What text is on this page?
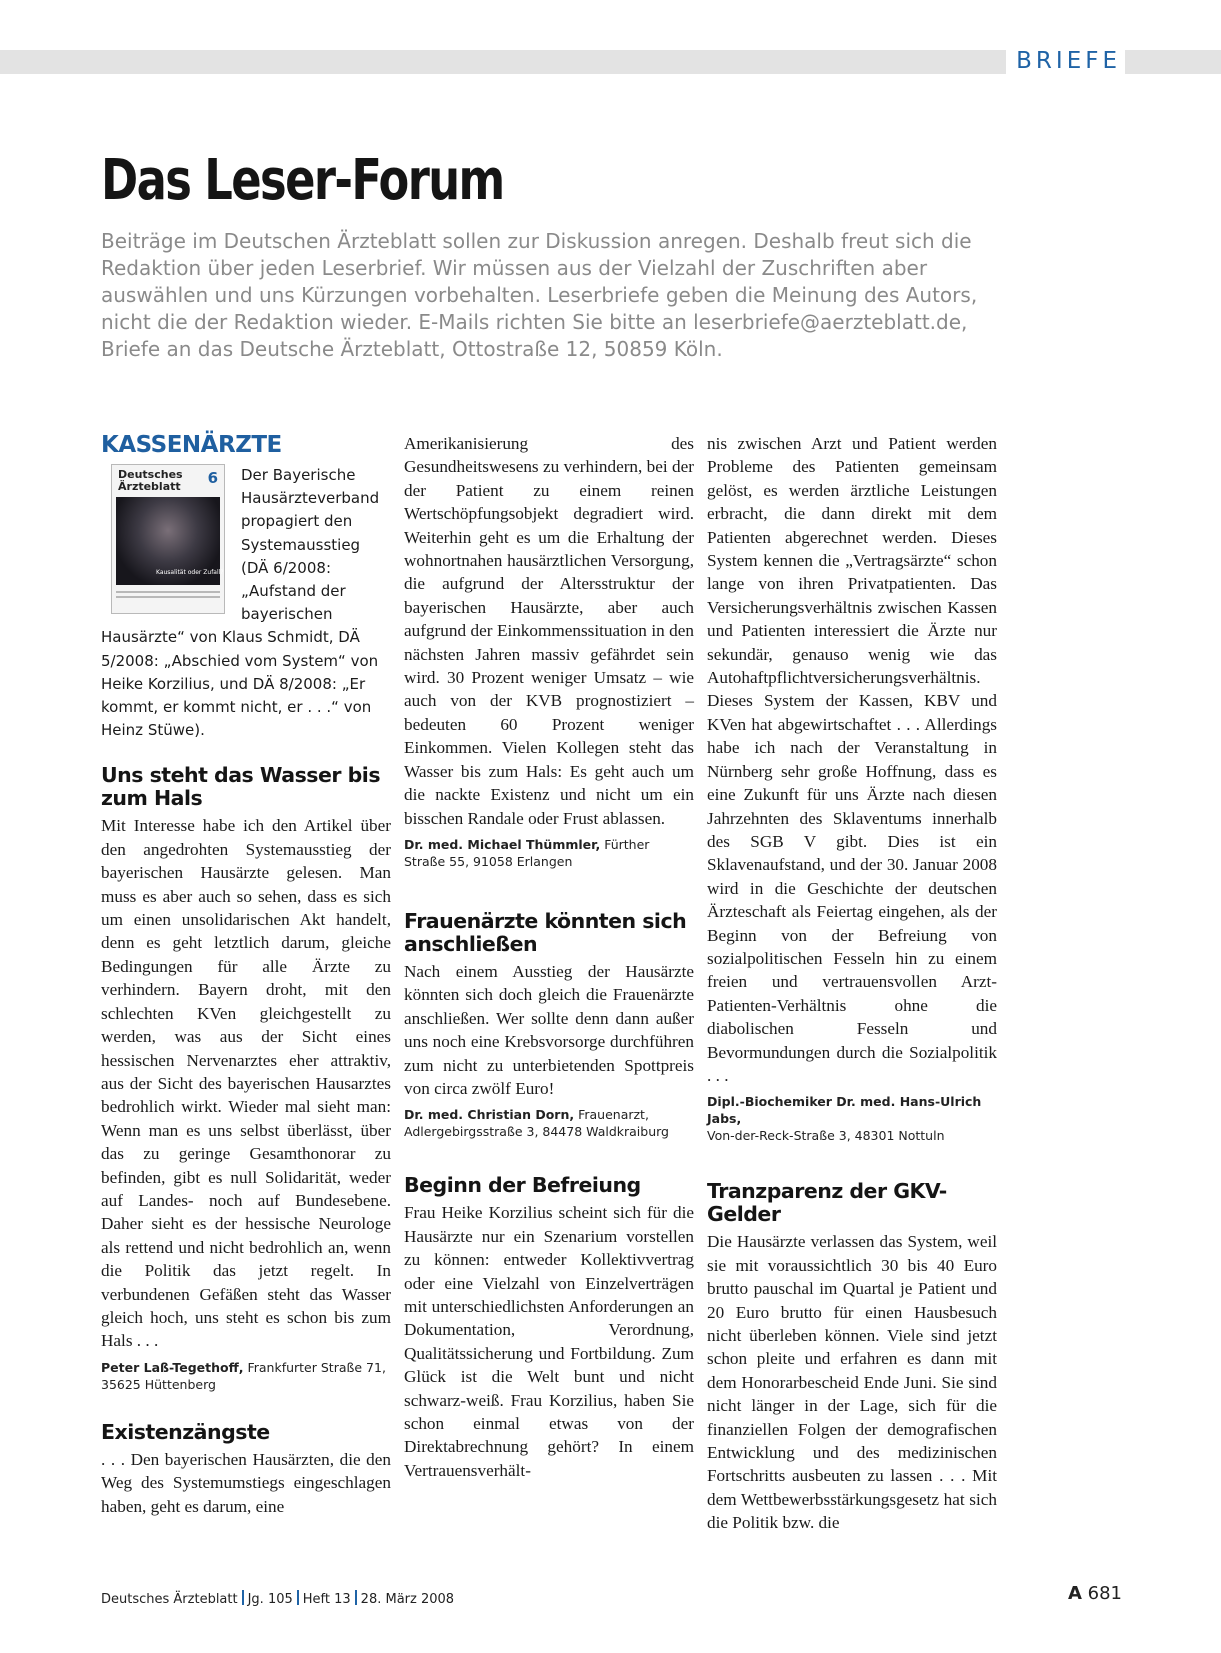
BRIEFE
Das Leser-Forum

Beiträge im Deutschen Ärzteblatt sollen zur Diskussion anregen. Deshalb freut sich die Redaktion über jeden Leserbrief. Wir müssen aus der Vielzahl der Zuschriften aber auswählen und uns Kürzungen vorbehalten. Leserbriefe geben die Meinung des Autors, nicht die der Redaktion wieder. E-Mails richten Sie bitte an leserbriefe@aerzteblatt.de, Briefe an das Deutsche Ärzteblatt, Ottostraße 12, 50859 Köln.

KASSENÄRZTE
Deutsches Ärzteblatt	6
Kausalität oder Zufall?

Der Bayerische Hausärzteverband propagiert den Systemausstieg (DÄ 6/2008: „Aufstand der bayerischen Hausärzte“ von Klaus Schmidt, DÄ 5/2008: „Abschied vom System“ von Heike Korzilius, und DÄ 8/2008: „Er kommt, er kommt nicht, er . . .“ von Heinz Stüwe).

Uns steht das Wasser bis zum Hals

Mit Interesse habe ich den Artikel über den angedrohten Systemausstieg der bayerischen Hausärzte gelesen. Man muss es aber auch so sehen, dass es sich um einen unsolidarischen Akt handelt, denn es geht letztlich darum, gleiche Bedingungen für alle Ärzte zu verhindern. Bayern droht, mit den schlechten KVen gleichgestellt zu werden, was aus der Sicht eines hessischen Nervenarztes eher attraktiv, aus der Sicht des bayerischen Hausarztes bedrohlich wirkt. Wieder mal sieht man: Wenn man es uns selbst überlässt, über das zu geringe Gesamthonorar zu befinden, gibt es null Solidarität, weder auf Landes- noch auf Bundesebene. Daher sieht es der hessische Neurologe als rettend und nicht bedrohlich an, wenn die Politik das jetzt regelt. In verbundenen Gefäßen steht das Wasser gleich hoch, uns steht es schon bis zum Hals . . .

Peter Laß-Tegethoff, Frankfurter Straße 71, 35625 Hüttenberg

Existenzängste

. . . Den bayerischen Hausärzten, die den Weg des Systemumstiegs eingeschlagen haben, geht es darum, eine

Amerikanisierung des Gesundheitswesens zu verhindern, bei der der Patient zu einem reinen Wertschöpfungsobjekt degradiert wird. Weiterhin geht es um die Erhaltung der wohnortnahen hausärztlichen Versorgung, die aufgrund der Altersstruktur der bayerischen Hausärzte, aber auch aufgrund der Einkommenssituation in den nächsten Jahren massiv gefährdet sein wird. 30 Prozent weniger Umsatz – wie auch von der KVB prognostiziert – bedeuten 60 Prozent weniger Einkommen. Vielen Kollegen steht das Wasser bis zum Hals: Es geht auch um die nackte Existenz und nicht um ein bisschen Randale oder Frust ablassen.

Dr. med. Michael Thümmler, Fürther Straße 55, 91058 Erlangen

Frauenärzte könnten sich anschließen

Nach einem Ausstieg der Hausärzte könnten sich doch gleich die Frauenärzte anschließen. Wer sollte denn dann außer uns noch eine Krebsvorsorge durchführen zum nicht zu unterbietenden Spottpreis von circa zwölf Euro!

Dr. med. Christian Dorn, Frauenarzt, Adlergebirgsstraße 3, 84478 Waldkraiburg

Beginn der Befreiung

Frau Heike Korzilius scheint sich für die Hausärzte nur ein Szenarium vorstellen zu können: entweder Kollektivvertrag oder eine Vielzahl von Einzelverträgen mit unterschiedlichsten Anforderungen an Dokumentation, Verordnung, Qualitätssicherung und Fortbildung. Zum Glück ist die Welt bunt und nicht schwarz-weiß. Frau Korzilius, haben Sie schon einmal etwas von der Direktabrechnung gehört? In einem Vertrauensverhält-

nis zwischen Arzt und Patient werden Probleme des Patienten gemeinsam gelöst, es werden ärztliche Leistungen erbracht, die dann direkt mit dem Patienten abgerechnet werden. Dieses System kennen die „Vertragsärzte“ schon lange von ihren Privatpatienten. Das Versicherungsverhältnis zwischen Kassen und Patienten interessiert die Ärzte nur sekundär, genauso wenig wie das Autohaftpflichtversicherungsverhältnis. Dieses System der Kassen, KBV und KVen hat abgewirtschaftet . . . Allerdings habe ich nach der Veranstaltung in Nürnberg sehr große Hoffnung, dass es eine Zukunft für uns Ärzte nach diesen Jahrzehnten des Sklaventums innerhalb des SGB V gibt. Dies ist ein Sklavenaufstand, und der 30. Januar 2008 wird in die Geschichte der deutschen Ärzteschaft als Feiertag eingehen, als der Beginn von der Befreiung von sozialpolitischen Fesseln hin zu einem freien und vertrauensvollen Arzt-Patienten-Verhältnis ohne die diabolischen Fesseln und Bevormundungen durch die Sozialpolitik . . .

Dipl.-Biochemiker Dr. med. Hans-Ulrich Jabs,
Von-der-Reck-Straße 3, 48301 Nottuln

Tranzparenz der GKV-Gelder

Die Hausärzte verlassen das System, weil sie mit voraussichtlich 30 bis 40 Euro brutto pauschal im Quartal je Patient und 20 Euro brutto für einen Hausbesuch nicht überleben können. Viele sind jetzt schon pleite und erfahren es dann mit dem Honorarbescheid Ende Juni. Sie sind nicht länger in der Lage, sich für die finanziellen Folgen der demografischen Entwicklung und des medizinischen Fortschritts ausbeuten zu lassen . . . Mit dem Wettbewerbsstärkungsgesetz hat sich die Politik bzw. die

Deutsches Ärzteblatt Jg. 105 Heft 13 28. März 2008	A 681
